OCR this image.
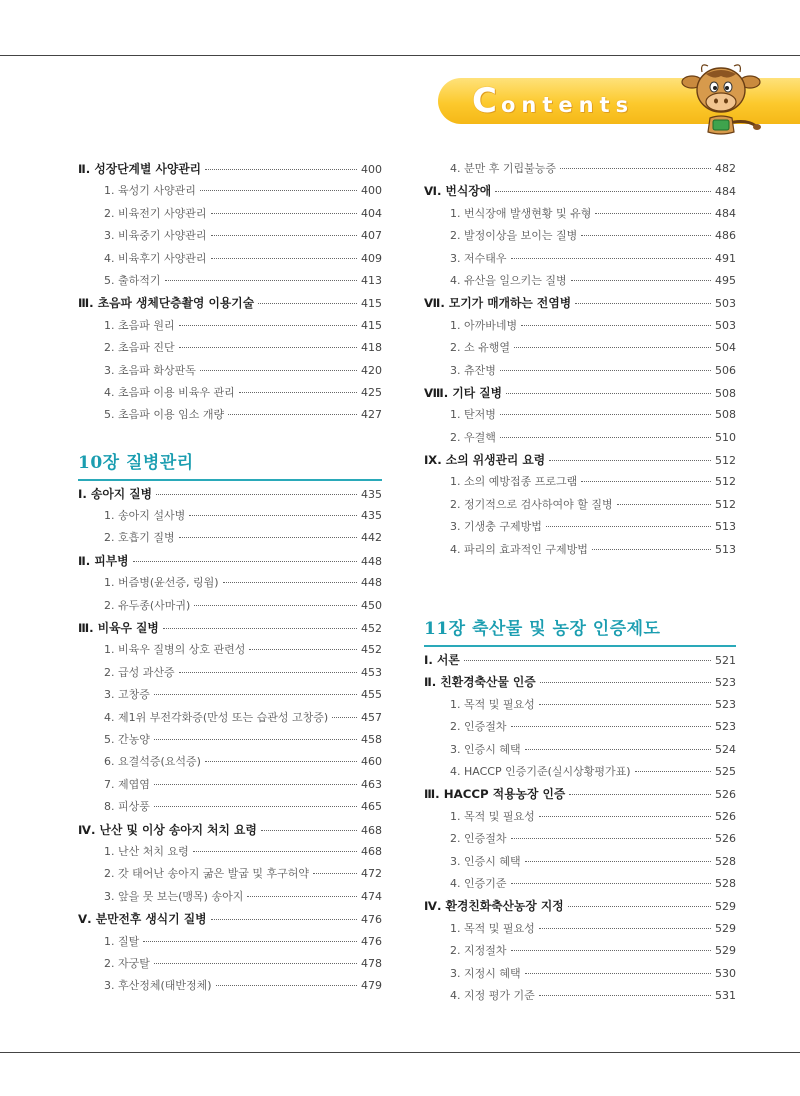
Contents
Ⅱ. 성장단계별 사양관리	400
1. 육성기 사양관리	400
2. 비육전기 사양관리	404
3. 비육중기 사양관리	407
4. 비육후기 사양관리	409
5. 출하적기	413
Ⅲ. 초음파 생체단층촬영 이용기술	415
1. 초음파 원리	415
2. 초음파 진단	418
3. 초음파 화상판독	420
4. 초음파 이용 비육우 관리	425
5. 초음파 이용 임소 개량	427
10장 질병관리
Ⅰ. 송아지 질병	435
1. 송아지 설사병	435
2. 호흡기 질병	442
Ⅱ. 피부병	448
1. 버즘병(윤선증, 링웜)	448
2. 유두종(사마귀)	450
Ⅲ. 비육우 질병	452
1. 비육우 질병의 상호 관련성	452
2. 급성 과산증	453
3. 고창증	455
4. 제1위 부전각화증(만성 또는 습관성 고창증)	457
5. 간농양	458
6. 요결석증(요석증)	460
7. 제엽염	463
8. 피상풍	465
Ⅳ. 난산 및 이상 송아지 처치 요령	468
1. 난산 처치 요령	468
2. 갓 태어난 송아지 굶은 발굽 및 후구허약	472
3. 앞을 못 보는(맹목) 송아지	474
Ⅴ. 분만전후 생식기 질병	476
1. 질탈	476
2. 자궁탈	478
3. 후산정체(태반정체)	479
4. 분만 후 기립불능증	482
Ⅵ. 번식장애	484
1. 번식장애 발생현황 및 유형	484
2. 발정이상을 보이는 질병	486
3. 저수태우	491
4. 유산을 일으키는 질병	495
Ⅶ. 모기가 매개하는 전염병	503
1. 아까바네병	503
2. 소 유행열	504
3. 츄잔병	506
Ⅷ. 기타 질병	508
1. 탄저병	508
2. 우결핵	510
Ⅸ. 소의 위생관리 요령	512
1. 소의 예방접종 프로그램	512
2. 정기적으로 검사하여야 할 질병	512
3. 기생충 구제방법	513
4. 파리의 효과적인 구제방법	513
11장 축산물 및 농장 인증제도
Ⅰ. 서론	521
Ⅱ. 친환경축산물 인증	523
1. 목적 및 필요성	523
2. 인증절차	523
3. 인증시 혜택	524
4. HACCP 인증기준(실시상황평가표)	525
Ⅲ. HACCP 적용농장 인증	526
1. 목적 및 필요성	526
2. 인증절차	526
3. 인증시 혜택	528
4. 인증기준	528
Ⅳ. 환경친화축산농장 지정	529
1. 목적 및 필요성	529
2. 지정절차	529
3. 지정시 혜택	530
4. 지정 평가 기준	531
